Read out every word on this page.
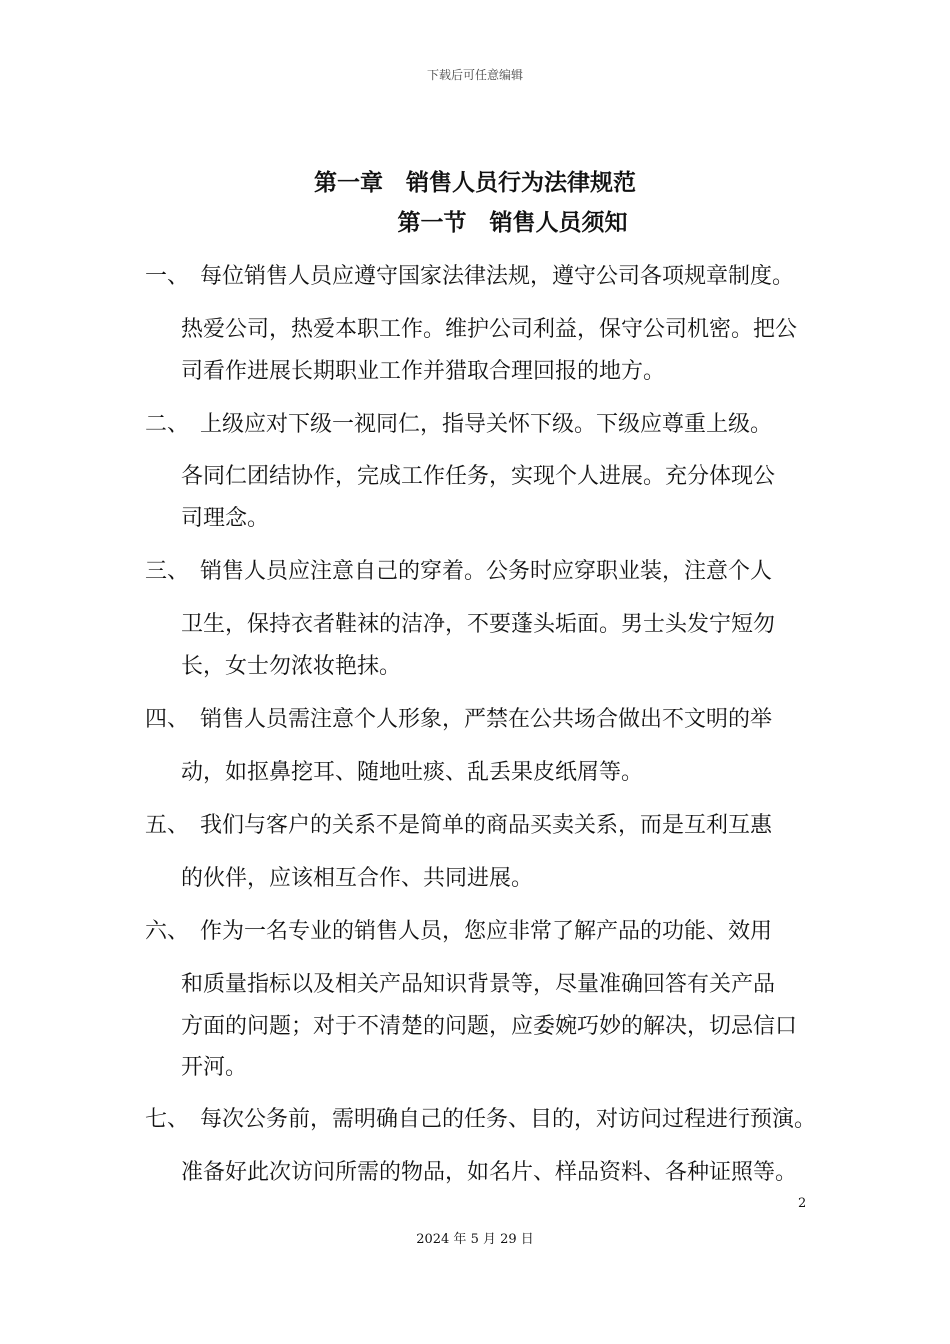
下载后可任意编辑
第一章　销售人员行为法律规范
第一节　销售人员须知
一、 每位销售人员应遵守国家法律法规，遵守公司各项规章制度。
热爱公司，热爱本职工作。维护公司利益，保守公司机密。把公
司看作进展长期职业工作并猎取合理回报的地方。
二、 上级应对下级一视同仁，指导关怀下级。下级应尊重上级。
各同仁团结协作，完成工作任务，实现个人进展。充分体现公
司理念。
三、 销售人员应注意自己的穿着。公务时应穿职业装，注意个人
卫生，保持衣者鞋袜的洁净，不要蓬头垢面。男士头发宁短勿
长，女士勿浓妆艳抹。
四、 销售人员需注意个人形象，严禁在公共场合做出不文明的举
动，如抠鼻挖耳、随地吐痰、乱丢果皮纸屑等。
五、 我们与客户的关系不是简单的商品买卖关系，而是互利互惠
的伙伴，应该相互合作、共同进展。
六、 作为一名专业的销售人员，您应非常了解产品的功能、效用
和质量指标以及相关产品知识背景等，尽量准确回答有关产品
方面的问题；对于不清楚的问题，应委婉巧妙的解决，切忌信口
开河。
七、 每次公务前，需明确自己的任务、目的，对访问过程进行预演。
准备好此次访问所需的物品，如名片、样品资料、各种证照等。
2
2024 年 5 月 29 日
